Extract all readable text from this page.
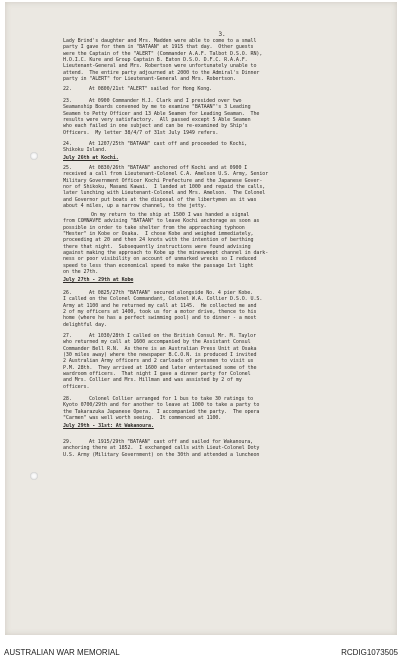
3.

Lady Brind's daughter and Mrs. Madden were able to come to a small

party I gave for them in "BATAAN" at 1915 that day.  Other guests

were the Captain of the "ALERT" (Commander A.A.F. Talbot D.S.O. RN),

H.O.I.C. Kure and Group Captain B. Eaton D.S.O. D.F.C. R.A.A.F.

Lieutenant-General and Mrs. Robertson were unfortunately unable to

attend.  The entire party adjourned at 2000 to the Admiral's Dinner

party in "ALERT" for Lieutenant-General and Mrs. Robertson.

22.	At 0800/21st "ALERT" sailed for Hong Kong.

23.	At 0900 Commander H.J. Clark and I presided over two

Seamanship Boards convened by me to examine "BATAAN"'s 3 Leading

Seamen to Petty Officer and 13 Able Seamen for Leading Seaman.  The

results were very satisfactory.  All passed except 5 Able Seamen

who each failed in one subject and can be re-examined by Ship's

Officers.  My letter 38/4/7 of 31st July 1949 refers.

24.	At 1207/25th "BATAAN" cast off and proceeded to Kochi,

Shikoku Island.

July 26th at Kochi.

25.	At 0830/26th "BATAAN" anchored off Kochi and at 0900 I

received a call from Lieutenant-Colonel C.A. Amelson U.S. Army, Senior

Military Government Officer Kochi Prefecture and the Japanese Gover-

nor of Shikoku, Masami Kawai.  I landed at 1000 and repaid the calls,

later lunching with Lieutenant-Colonel and Mrs. Amelson.  The Colonel

and Governor put boats at the disposal of the libertymen as it was

about 4 miles, up a narrow channel, to the jetty.

On my return to the ship at 1500 I was handed a signal

from COMNAVFE advising "BATAAN" to leave Kochi anchorage as soon as

possible in order to take shelter from the approaching typhoon

"Hester" in Kobe or Osaka.  I chose Kobe and weighed immediately,

proceeding at 20 and then 24 knots with the intention of berthing

there that night.  Subsequently instructions were found advising

against making the approach to Kobe up the minesweept channel in dark-

ness or poor visibility on account of unmarked wrecks so I reduced

speed to less than economical speed to make the passage 1st light

on the 27th.

July 27th - 29th at Kobe

26.	At 0825/27th "BATAAN" secured alongside No. 4 pier Kobe.

I called on the Colonel Commandant, Colonel W.A. Collier D.S.O. U.S.

Army at 1100 and he returned my call at 1145.  He collected me and

2 of my officers at 1400, took us for a motor drive, thence to his

home (where he has a perfect swimming pool) and to dinner - a most

delightful day.

27.	At 1030/28th I called on the British Consul Mr. M. Taylor

who returned my call at 1600 accompanied by the Assistant Consul

Commander Bell R.N.  As there is an Australian Press Unit at Osaka

(30 miles away) where the newspaper B.C.O.N. is produced I invited

2 Australian Army officers and 2 carloads of pressmen to visit us

P.M. 28th.  They arrived at 1600 and later entertained some of the

wardroom officers.  That night I gave a dinner party for Colonel

and Mrs. Collier and Mrs. Hillman and was assisted by 2 of my

officers.

28.	Colonel Collier arranged for 1 bus to take 30 ratings to

Kyoto 0700/29th and for another to leave at 1000 to take a party to

the Takarazuka Japanese Opera.  I accompanied the party.  The opera

"Carmen" was well worth seeing.  It commenced at 1100.

July 29th - 31st: At Wakanoura.

29.	At 1915/29th "BATAAN" cast off and sailed for Wakanoura,

anchoring there at 1852.  I exchanged calls with Lieut-Colonel Doty

U.S. Army (Military Government) on the 30th and attended a luncheon

AUSTRALIAN WAR MEMORIAL	RCDIG1073505
